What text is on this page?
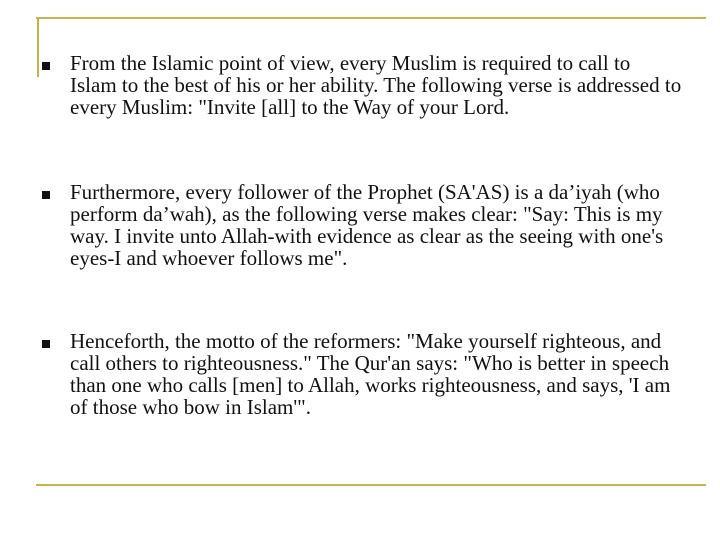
From the Islamic point of view, every Muslim is required to call to Islam to the best of his or her ability. The following verse is addressed to every Muslim: "Invite [all] to the Way of your Lord.

Furthermore, every follower of the Prophet (SA'AS) is a da’iyah (who perform da’wah), as the following verse makes clear: "Say: This is my way. I invite unto Allah-with evidence as clear as the seeing with one's eyes-I and whoever follows me".

Henceforth, the motto of the reformers: "Make yourself righteous, and call others to righteousness." The Qur'an says: "Who is better in speech than one who calls [men] to Allah, works righteousness, and says, 'I am of those who bow in Islam'".
